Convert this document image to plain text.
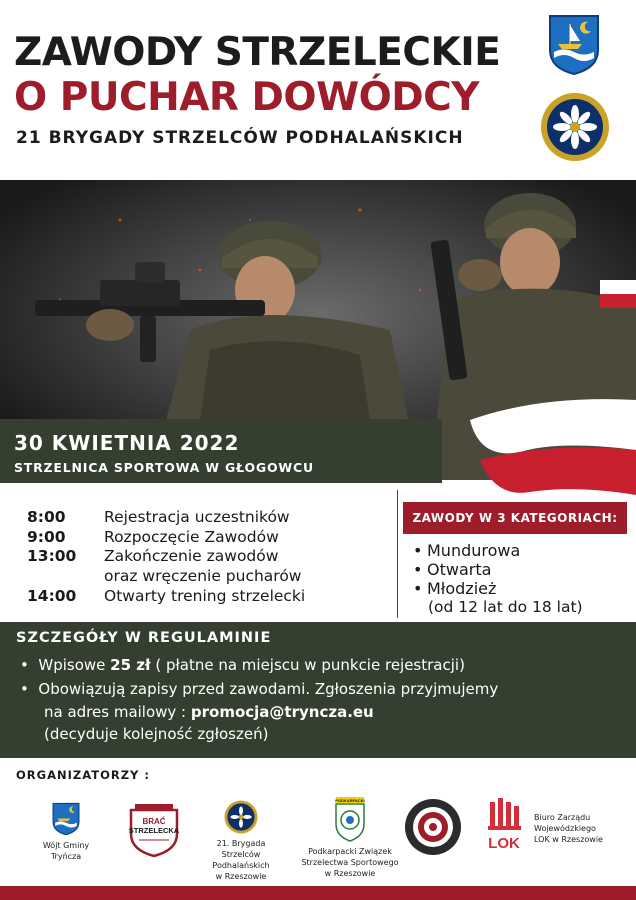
ZAWODY STRZELECKIE
O PUCHAR DOWÓDCY
21 BRYGADY STRZELCÓW PODHALAŃSKICH
30 KWIETNIA 2022
STRZELNICA SPORTOWA W GŁOGOWCU
8:00 Rejestracja uczestników
9:00 Rozpoczęcie Zawodów
13:00 Zakończenie zawodów
oraz wręczenie pucharów
14:00 Otwarty trening strzelecki
ZAWODY W 3 KATEGORIACH:
• Mundurowa
• Otwarta
• Młodzież
(od 12 lat do 18 lat)
SZCZEGÓŁY W REGULAMINIE
•  Wpisowe 25 zł ( płatne na miejscu w punkcie rejestracji)
•  Obowiązują zapisy przed zawodami. Zgłoszenia przyjmujemy
na adres mailowy : promocja@tryncza.eu
(decyduje kolejność zgłoszeń)
ORGANIZATORZY :
Wójt Gminy
Tryńcza
BRAĆ
STRZELECKA
21. Brygada
Strzelców
Podhalańskich
w Rzeszowie
PODKARPACKI
Podkarpacki Związek
Strzelectwa Sportowego
w Rzeszowie
LOK
Biuro Zarządu
Wojewódzkiego
LOK w Rzeszowie
